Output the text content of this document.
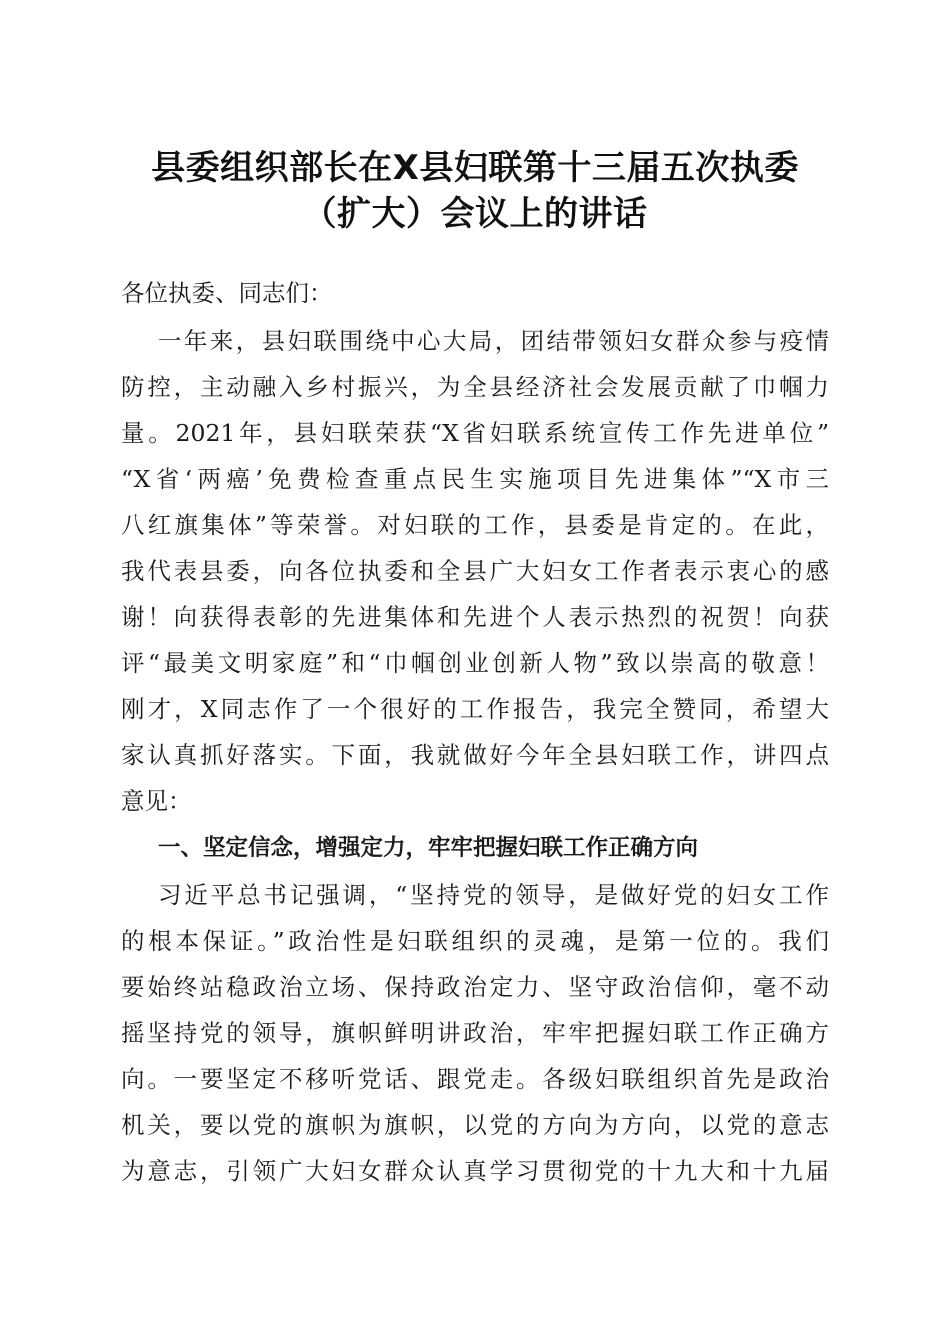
县委组织部长在X县妇联第十三届五次执委
（扩大）会议上的讲话
各位执委、同志们：
一年来，县妇联围绕中心大局，团结带领妇女群众参与疫情
防控，主动融入乡村振兴，为全县经济社会发展贡献了巾帼力
量。2021年，县妇联荣获“X省妇联系统宣传工作先进单位”
“X省‘两癌’免费检查重点民生实施项目先进集体”“X市三
八红旗集体”等荣誉。对妇联的工作，县委是肯定的。在此，
我代表县委，向各位执委和全县广大妇女工作者表示衷心的感
谢！向获得表彰的先进集体和先进个人表示热烈的祝贺！向获
评“最美文明家庭”和“巾帼创业创新人物”致以崇高的敬意！
刚才，X同志作了一个很好的工作报告，我完全赞同，希望大
家认真抓好落实。下面，我就做好今年全县妇联工作，讲四点
意见：
一、坚定信念，增强定力，牢牢把握妇联工作正确方向
习近平总书记强调，“坚持党的领导，是做好党的妇女工作
的根本保证。”政治性是妇联组织的灵魂，是第一位的。我们
要始终站稳政治立场、保持政治定力、坚守政治信仰，毫不动
摇坚持党的领导，旗帜鲜明讲政治，牢牢把握妇联工作正确方
向。一要坚定不移听党话、跟党走。各级妇联组织首先是政治
机关，要以党的旗帜为旗帜，以党的方向为方向，以党的意志
为意志，引领广大妇女群众认真学习贯彻党的十九大和十九届
